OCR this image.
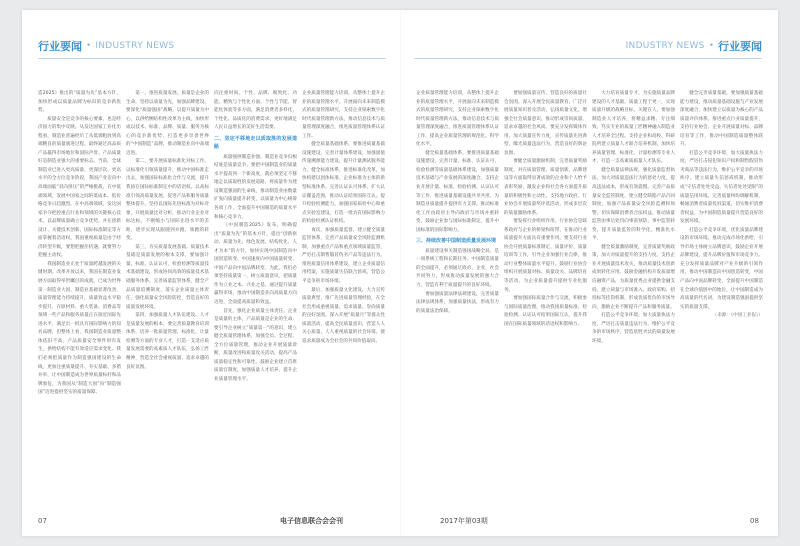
行业要闻 • INDUSTRY NEWS	INDUSTRY NEWS • 行业要闻

造2025》推出的“质量为先”基本方针，加快形成以质量品牌为标识的竞争新优势。

质量安全是竞争的核心要素，也是经济国力的集中反映。从发达国家工业化历程看，制造业普遍经历了从低端粗放到高端精良的质量演进过程，最终通过高品质产品赢得市场地位和国际声誉。产品质量好是制造业强大的重要标志。当前，全球制造业已进入更高质量、更深层次、更高水平的全方位竞争阶段，我国产业迈向中高端面临“双向挤压”的严峻挑战，在中低端领域，发展中国家之间的低成本、低价格竞争日趋激烈，在中高端领域，发达国家争夺把控重点行业和领域的关键核心技术，以品牌质量确立竞争优势。并在创新设计、关键技术创新、国际标准制定等方面掌握着话语权，我国重视质量是由于经济转型升级，要想把握住机遇，就要努力把握主动权。

我国制造业正处于质量跨越发展的关键时期。改革开放以来，我国在制造业发展方面取得举世瞩目的成就，已成为世界第一制造业大国，制造业基础显著改善，质量管理能力持续提升，质量效益水平稳步提升，在原材料、重大装备、消费品等领域一些产品和服务质量正在接近国际先进水平，满足出一批具有国际影响力的知名品牌，但整体上看，我国制造业质量整体依旧不高，产品质量安全事件时有发生，供给结构不能有效适应需求变化。我们必须把质量作为制造强国建设的生命线，更加注重质量提升、夯实基础、多措并举，让中国制造成为世界质量标杆和品牌象征，为我国从“制造大国”向“制造强国”迈进提供坚实的质量保障。

第一，推进质量发展。质量是企业的生命，坚持以质量为先，加强品牌建设。要深化“质量强国”战略，以提升质量为中心，以供给侧结构性改革为主线，加快形成以技术、标准、品牌、质量、服务为核心的竞争新优势，打造更多享誉世界的“中国制造”品牌，推动制造业向中高端迈进。

第二，要开展质量标准化对标工作。以标准化引领质量提升，推动中国标准走出去，加强国际标准化合作与交流，提升我国在国际标准制定中的话语权，以高标准引领高质量发展，促进产品和服务质量整体提升。坚持以国际先进标准为对标对象，开展质量比对分析，推动行业企业对标达标，不断缩小与国际先进水平的差距，逐步实现从跟随到并跑、领跑的转变。

第三，夯实质量发展基础。质量技术基础是质量发展的根本支撑，要加强计量、标准、认证认可、检验检测等质量技术基础建设，形成协同高效的质量技术基础服务体系。完善质量监管体系，健全产品质量追溯制度，落实企业质量主体责任，强化质量安全风险防控，营造良好的质量发展环境。

第四，加强质量人才队伍建设。人才是质量发展的根本，要完善质量教育培训体系，培养一批质量管理、标准化、计量检测等方面的专业人才，打造一支适应质量发展需要的高素质人才队伍，弘扬工匠精神，营造全社会重视质量、追求卓越的良好氛围。

向注重时尚、个性、品牌、细致化，功能、精致与个性化方面、个性与节能、智能化体验等多方面，满足消费者多样化、个性化、品质化的消费需求，更好地满足人民日益增长的美好生活需要。

二、坚定不移地走以质取胜的发展道路

质量强则制造业强，制造业竞争归根结底是质量竞争。要把中国制造业的质量水平提高到一个新高度，就必须坚定不移地走以质取胜的发展道路，将质量作为建设制造强国的生命线，推动制造业由数量扩张向质量提升转变，以质量为中心统筹各项工作，全面提升中国制造的质量水平和核心竞争力。

《中国制造2025》发布，明确提出“质量为先”的基本方针，提出“创新驱动、质量为先、绿色发展、结构优化、人才为本”的方针，加快实现中国制造向中国创造转变、中国速度向中国质量转变、中国产品向中国品牌转变。为此，我们必须坚持质量第一，树立质量意识，把质量作为立业之本、兴业之基，通过提升质量赢得市场，推动中国制造业向高质量方向迈进，全面提高质量和效益。

首先，强化企业质量主体责任。企业是质量的主体，产品质量是企业的生命。要引导企业树立“质量第一”的意识，建立健全质量管理体系，加强全员、全过程、全方位质量管理，推动企业开展质量诊断、质量改进和质量攻关活动，提高产品质量稳定性和可靠性。鼓励企业建立首席质量官制度，加强质量人才培养，提升企业质量管理水平。

企业质量管理能力培训，从整体上提升企业的质量管理水平。开展面向未来制造模式的质量管理研究，支持企业探索数字化时代质量管理新方法，推动信息技术与质量管理深度融合，推进质量管理体系认证工作。

健全质量基础体系，要推进质量基础设施建设，完善计量体系建设，加强量值传递溯源能力建设，提升计量测试服务能力。健全标准体系，推进标准化改革，加快构建以团体标准、企业标准为主体的新型标准体系。完善认证认可体系，扩大认证覆盖范围，推动认证结果国际互认。提升检验检测能力，加强国家质检中心和重点实验室建设，打造一批具有国际影响力的检验检测认证机构。

再次，加强质量监督。建立健全质量监管体系，完善产品质量安全风险监测机制，加强重点产品和重点领域质量监管，严厉打击制售假冒伪劣产品等违法行为。推进质量信用体系建设，建立企业质量信用档案，实施质量失信联合惩戒，营造公平竞争的市场环境。

最后，加强质量文化建设。大力宣传质量典型，推广先进质量管理经验，在全社会形成重视质量、追求质量、崇尚质量的良好氛围。深入开展“质量月”等群众性质量活动，提高全民质量意识，营造人人关心质量、人人重视质量的社会环境，使追求质量成为全社会的共同价值取向。

企业质量管理能力培训，从整体上提升企业的质量管理水平，开展面向未来制造模式的质量管理研究，支持企业探索数字化时代质量管理新方法，推动信息技术与质量管理深度融合，推进质量管理体系认证工作，提高企业质量管理的规范化、科学化水平。

健全质量基础体系，要推进质量基础设施建设，完善计量、标准、认证认可、检验检测等质量基础体系建设，加强质量技术基础与产业发展的深度融合，支持企业开展计量、标准、检验检测、认证认可等工作，推进质量基础设施共享共用，为制造业质量提升提供有力支撑。推动标准化工作由政府主导向政府与市场并重转变，鼓励企业参与国际标准制定，提升中国标准的国际影响力。

三、持续改善中国制造质量发展环境

质量建设事关制造强国战略全局，是一项系统工程和长期任务。中国制造质量的全面提升，必须通过政府、企业、社会共同努力，形成推动质量发展的强大合力，营造有利于质量提升的良好环境。

要加强质量法律法规建设，完善质量法律法规体系，加强质量执法，形成有力的质量法治保障。

要加强质量宣传，营造良好的质量社会氛围。深入开展全民质量教育，广泛开展质量知识普及活动，弘扬质量文化，增强全社会质量意识，推动形成崇尚质量、追求卓越的社会风尚。要充分发挥媒体作用，加大质量宣传力度，宣传质量先进典型，曝光质量违法行为，营造良好的舆论氛围。

要健全质量激励机制，完善质量奖励制度，对在质量管理、质量创新、品牌建设等方面取得显著成效的企业和个人给予表彰奖励，激发企业和社会各方面提升质量的积极性和主动性。支持地方政府、行业协会开展质量奖评选活动，形成多层次的质量激励体系。

要发挥行业组织作用。行业协会是联系政府与企业的桥梁和纽带，在推动行业质量提升方面具有重要作用。要支持行业协会开展质量标准制定、质量评价、质量培训等工作，引导企业加强行业自律，推动行业整体质量水平提升。鼓励行业协会组织开展质量对标、质量攻关、品牌培育等活动，为企业质量提升提供专业化服务。

要加强国际质量合作与交流，积极参与国际质量治理，推动我国质量标准、检验检测、认证认可结果国际互认，提升我国在国际质量领域的话语权和影响力。

大力培育质量专才，为实施质量品牌建设的人才基础。质量工程于更一，实现质量升级的战略目标，关键在人，要加强制造业人才培养，将精益求精、专注细致、笃实专业的质量工匠精神融入制造业人才培养全过程。支持企业和高校、科研院所建立质量人才联合培养机制，加快培养质量管理、标准化、计量检测等专业人才，打造一支高素质质量人才队伍。

健全质量法律法规，强化质量监督执法，加大对质量违法行为的惩处力度，提高违法成本，形成有效震慑。完善产品质量安全监管制度，建立健全缺陷产品召回制度，加强产品质量安全风险监测和预警，切实保障消费者合法权益。推动质量监管由事后处罚向事前预防、事中监管转变，提升质量监管的科学化、精准化水平。

健全质量激励制度，完善质量奖励政策，加大对质量提升的支持力度。支持企业开展质量技术攻关，推动质量技术创新成果转化应用。鼓励金融机构开发质量增信融资产品，为质量优秀企业提供金融支持。建立质量与市场准入、政府采购、招投标等挂钩机制，形成优质优价的市场导向，激励企业不断提升产品和服务质量。

打造公平竞争环境，加大质量执法力度，严厉打击质量违法行为，维护公平竞争的市场秩序，营造优胜劣汰的质量发展环境。

健全完善质量基础，要加强质量基础能力建设，推动质量基础设施与产业发展深度融合，加快建立以质量为核心的产品质量评价体系。推进重点行业质量提升，支持行业协会、企业开展质量对标、品牌培育等工作，推动中国制造质量整体跃升。

打造公平竞争环境，加大质量执法力度，严厉打击侵犯知识产权和制售假冒伪劣商品等违法行为，维护公平竞争的市场秩序。建立质量失信惩戒机制，推动形成“守信者处处受益、失信者处处受限”的质量信用环境。完善质量纠纷调解机制，畅通消费者质量投诉渠道，切实维护消费者权益，为中国制造质量提升营造良好的发展环境。

打造公平竞争环境，优化质量品牌建设的市场环境。推动完成市场化供给，引导市场主体树立品牌意识，鼓励企业开展品牌建设，提升品牌价值和市场竞争力。充分发挥质量品牌对产业升级的引领作用，推动中国制造向中国创造转变，中国产品向中国品牌转变，全面提升中国制造在全球价值链中的地位，让中国制造成为高质量的代名词，为建设制造强国提供坚实的质量支撑。

（来源：《中国工业报》）

07	电子信息联合会会刊	2017年第03期	08
